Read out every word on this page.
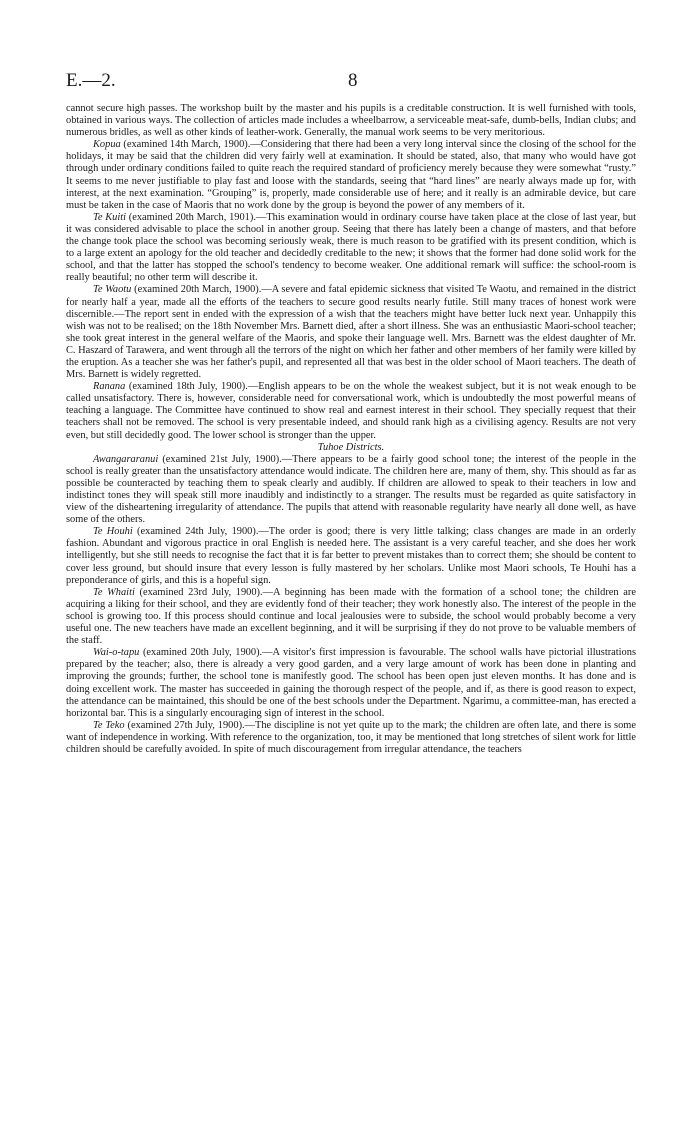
E.—2.	8

cannot secure high passes. The workshop built by the master and his pupils is a creditable construction. It is well furnished with tools, obtained in various ways. The collection of articles made includes a wheelbarrow, a serviceable meat-safe, dumb-bells, Indian clubs; and numerous bridles, as well as other kinds of leather-work. Generally, the manual work seems to be very meritorious.

Kopua (examined 14th March, 1900).—Considering that there had been a very long interval since the closing of the school for the holidays, it may be said that the children did very fairly well at examination. It should be stated, also, that many who would have got through under ordinary conditions failed to quite reach the required standard of proficiency merely because they were somewhat “rusty.” It seems to me never justifiable to play fast and loose with the standards, seeing that “hard lines” are nearly always made up for, with interest, at the next examination. “Grouping” is, properly, made considerable use of here; and it really is an admirable device, but care must be taken in the case of Maoris that no work done by the group is beyond the power of any members of it.

Te Kuiti (examined 20th March, 1901).—This examination would in ordinary course have taken place at the close of last year, but it was considered advisable to place the school in another group. Seeing that there has lately been a change of masters, and that before the change took place the school was becoming seriously weak, there is much reason to be gratified with its present condition, which is to a large extent an apology for the old teacher and decidedly creditable to the new; it shows that the former had done solid work for the school, and that the latter has stopped the school's tendency to become weaker. One additional remark will suffice: the school-room is really beautiful; no other term will describe it.

Te Waotu (examined 20th March, 1900).—A severe and fatal epidemic sickness that visited Te Waotu, and remained in the district for nearly half a year, made all the efforts of the teachers to secure good results nearly futile. Still many traces of honest work were discernible.—The report sent in ended with the expression of a wish that the teachers might have better luck next year. Unhappily this wish was not to be realised; on the 18th November Mrs. Barnett died, after a short illness. She was an enthusiastic Maori-school teacher; she took great interest in the general welfare of the Maoris, and spoke their language well. Mrs. Barnett was the eldest daughter of Mr. C. Haszard of Tarawera, and went through all the terrors of the night on which her father and other members of her family were killed by the eruption. As a teacher she was her father's pupil, and represented all that was best in the older school of Maori teachers. The death of Mrs. Barnett is widely regretted.

Ranana (examined 18th July, 1900).—English appears to be on the whole the weakest subject, but it is not weak enough to be called unsatisfactory. There is, however, considerable need for conversational work, which is undoubtedly the most powerful means of teaching a language. The Committee have continued to show real and earnest interest in their school. They specially request that their teachers shall not be removed. The school is very presentable indeed, and should rank high as a civilising agency. Results are not very even, but still decidedly good. The lower school is stronger than the upper.

Tuhoe Districts.

Awangararanui (examined 21st July, 1900).—There appears to be a fairly good school tone; the interest of the people in the school is really greater than the unsatisfactory attendance would indicate. The children here are, many of them, shy. This should as far as possible be counteracted by teaching them to speak clearly and audibly. If children are allowed to speak to their teachers in low and indistinct tones they will speak still more inaudibly and indistinctly to a stranger. The results must be regarded as quite satisfactory in view of the disheartening irregularity of attendance. The pupils that attend with reasonable regularity have nearly all done well, as have some of the others.

Te Houhi (examined 24th July, 1900).—The order is good; there is very little talking; class changes are made in an orderly fashion. Abundant and vigorous practice in oral English is needed here. The assistant is a very careful teacher, and she does her work intelligently, but she still needs to recognise the fact that it is far better to prevent mistakes than to correct them; she should be content to cover less ground, but should insure that every lesson is fully mastered by her scholars. Unlike most Maori schools, Te Houhi has a preponderance of girls, and this is a hopeful sign.

Te Whaiti (examined 23rd July, 1900).—A beginning has been made with the formation of a school tone; the children are acquiring a liking for their school, and they are evidently fond of their teacher; they work honestly also. The interest of the people in the school is growing too. If this process should continue and local jealousies were to subside, the school would probably become a very useful one. The new teachers have made an excellent beginning, and it will be surprising if they do not prove to be valuable members of the staff.

Wai-o-tapu (examined 20th July, 1900).—A visitor's first impression is favourable. The school walls have pictorial illustrations prepared by the teacher; also, there is already a very good garden, and a very large amount of work has been done in planting and improving the grounds; further, the school tone is manifestly good. The school has been open just eleven months. It has done and is doing excellent work. The master has succeeded in gaining the thorough respect of the people, and if, as there is good reason to expect, the attendance can be maintained, this should be one of the best schools under the Department. Ngarimu, a committee-man, has erected a horizontal bar. This is a singularly encouraging sign of interest in the school.

Te Teko (examined 27th July, 1900).—The discipline is not yet quite up to the mark; the children are often late, and there is some want of independence in working. With reference to the organization, too, it may be mentioned that long stretches of silent work for little children should be carefully avoided. In spite of much discouragement from irregular attendance, the teachers
